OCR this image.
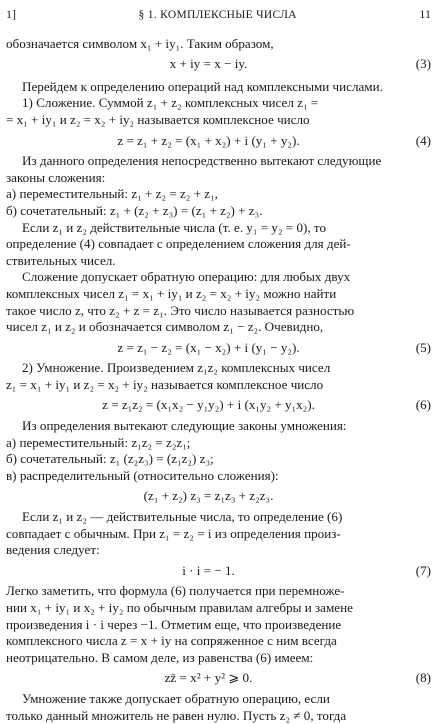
1]	§ 1. КОМПЛЕКСНЫЕ ЧИСЛА	11

обозначается символом x₁ + iy₁. Таким образом,

x + iy = x − iy.	(3)

Перейдем к определению операций над комплексными числами.

1) Сложение. Суммой z₁ + z₂ комплексных чисел z₁ =

= x₁ + iy₁ и z₂ = x₂ + iy₂ называется комплексное число

z = z₁ + z₂ = (x₁ + x₂) + i (y₁ + y₂).	(4)

Из данного определения непосредственно вытекают следующие

законы сложения:

а) переместительный: z₁ + z₂ = z₂ + z₁,

б) сочетательный: z₁ + (z₂ + z₃) = (z₁ + z₂) + z₃.

Если z₁ и z₂ действительные числа (т. е. y₁ = y₂ = 0), то

определение (4) совпадает с определением сложения для дей-

ствительных чисел.

Сложение допускает обратную операцию: для любых двух

комплексных чисел z₁ = x₁ + iy₁ и z₂ = x₂ + iy₂ можно найти

такое число z, что z₂ + z = z₁. Это число называется разностью

чисел z₁ и z₂ и обозначается символом z₁ − z₂. Очевидно,

z = z₁ − z₂ = (x₁ − x₂) + i (y₁ − y₂).	(5)

2) Умножение. Произведением z₁z₂ комплексных чисел

z₁ = x₁ + iy₁ и z₂ = x₂ + iy₂ называется комплексное число

z = z₁z₂ = (x₁x₂ − y₁y₂) + i (x₁y₂ + y₁x₂).	(6)

Из определения вытекают следующие законы умножения:

а) переместительный: z₁z₂ = z₂z₁;

б) сочетательный: z₁ (z₂z₃) = (z₁z₂) z₃;

в) распределительный (относительно сложения):

(z₁ + z₂) z₃ = z₁z₃ + z₂z₃.

Если z₁ и z₂ — действительные числа, то определение (6)

совпадает с обычным. При z₁ = z₂ = i из определения произ-

ведения следует:

i · i = − 1.	(7)

Легко заметить, что формула (6) получается при перемноже-

нии x₁ + iy₁ и x₂ + iy₂ по обычным правилам алгебры и замене

произведения i · i через −1. Отметим еще, что произведение

комплексного числа z = x + iy на сопряженное с ним всегда

неотрицательно. В самом деле, из равенства (6) имеем:

zz̄ = x² + y² ⩾ 0.	(8)

Умножение также допускает обратную операцию, если

только данный множитель не равен нулю. Пусть z₂ ≠ 0, тогда
